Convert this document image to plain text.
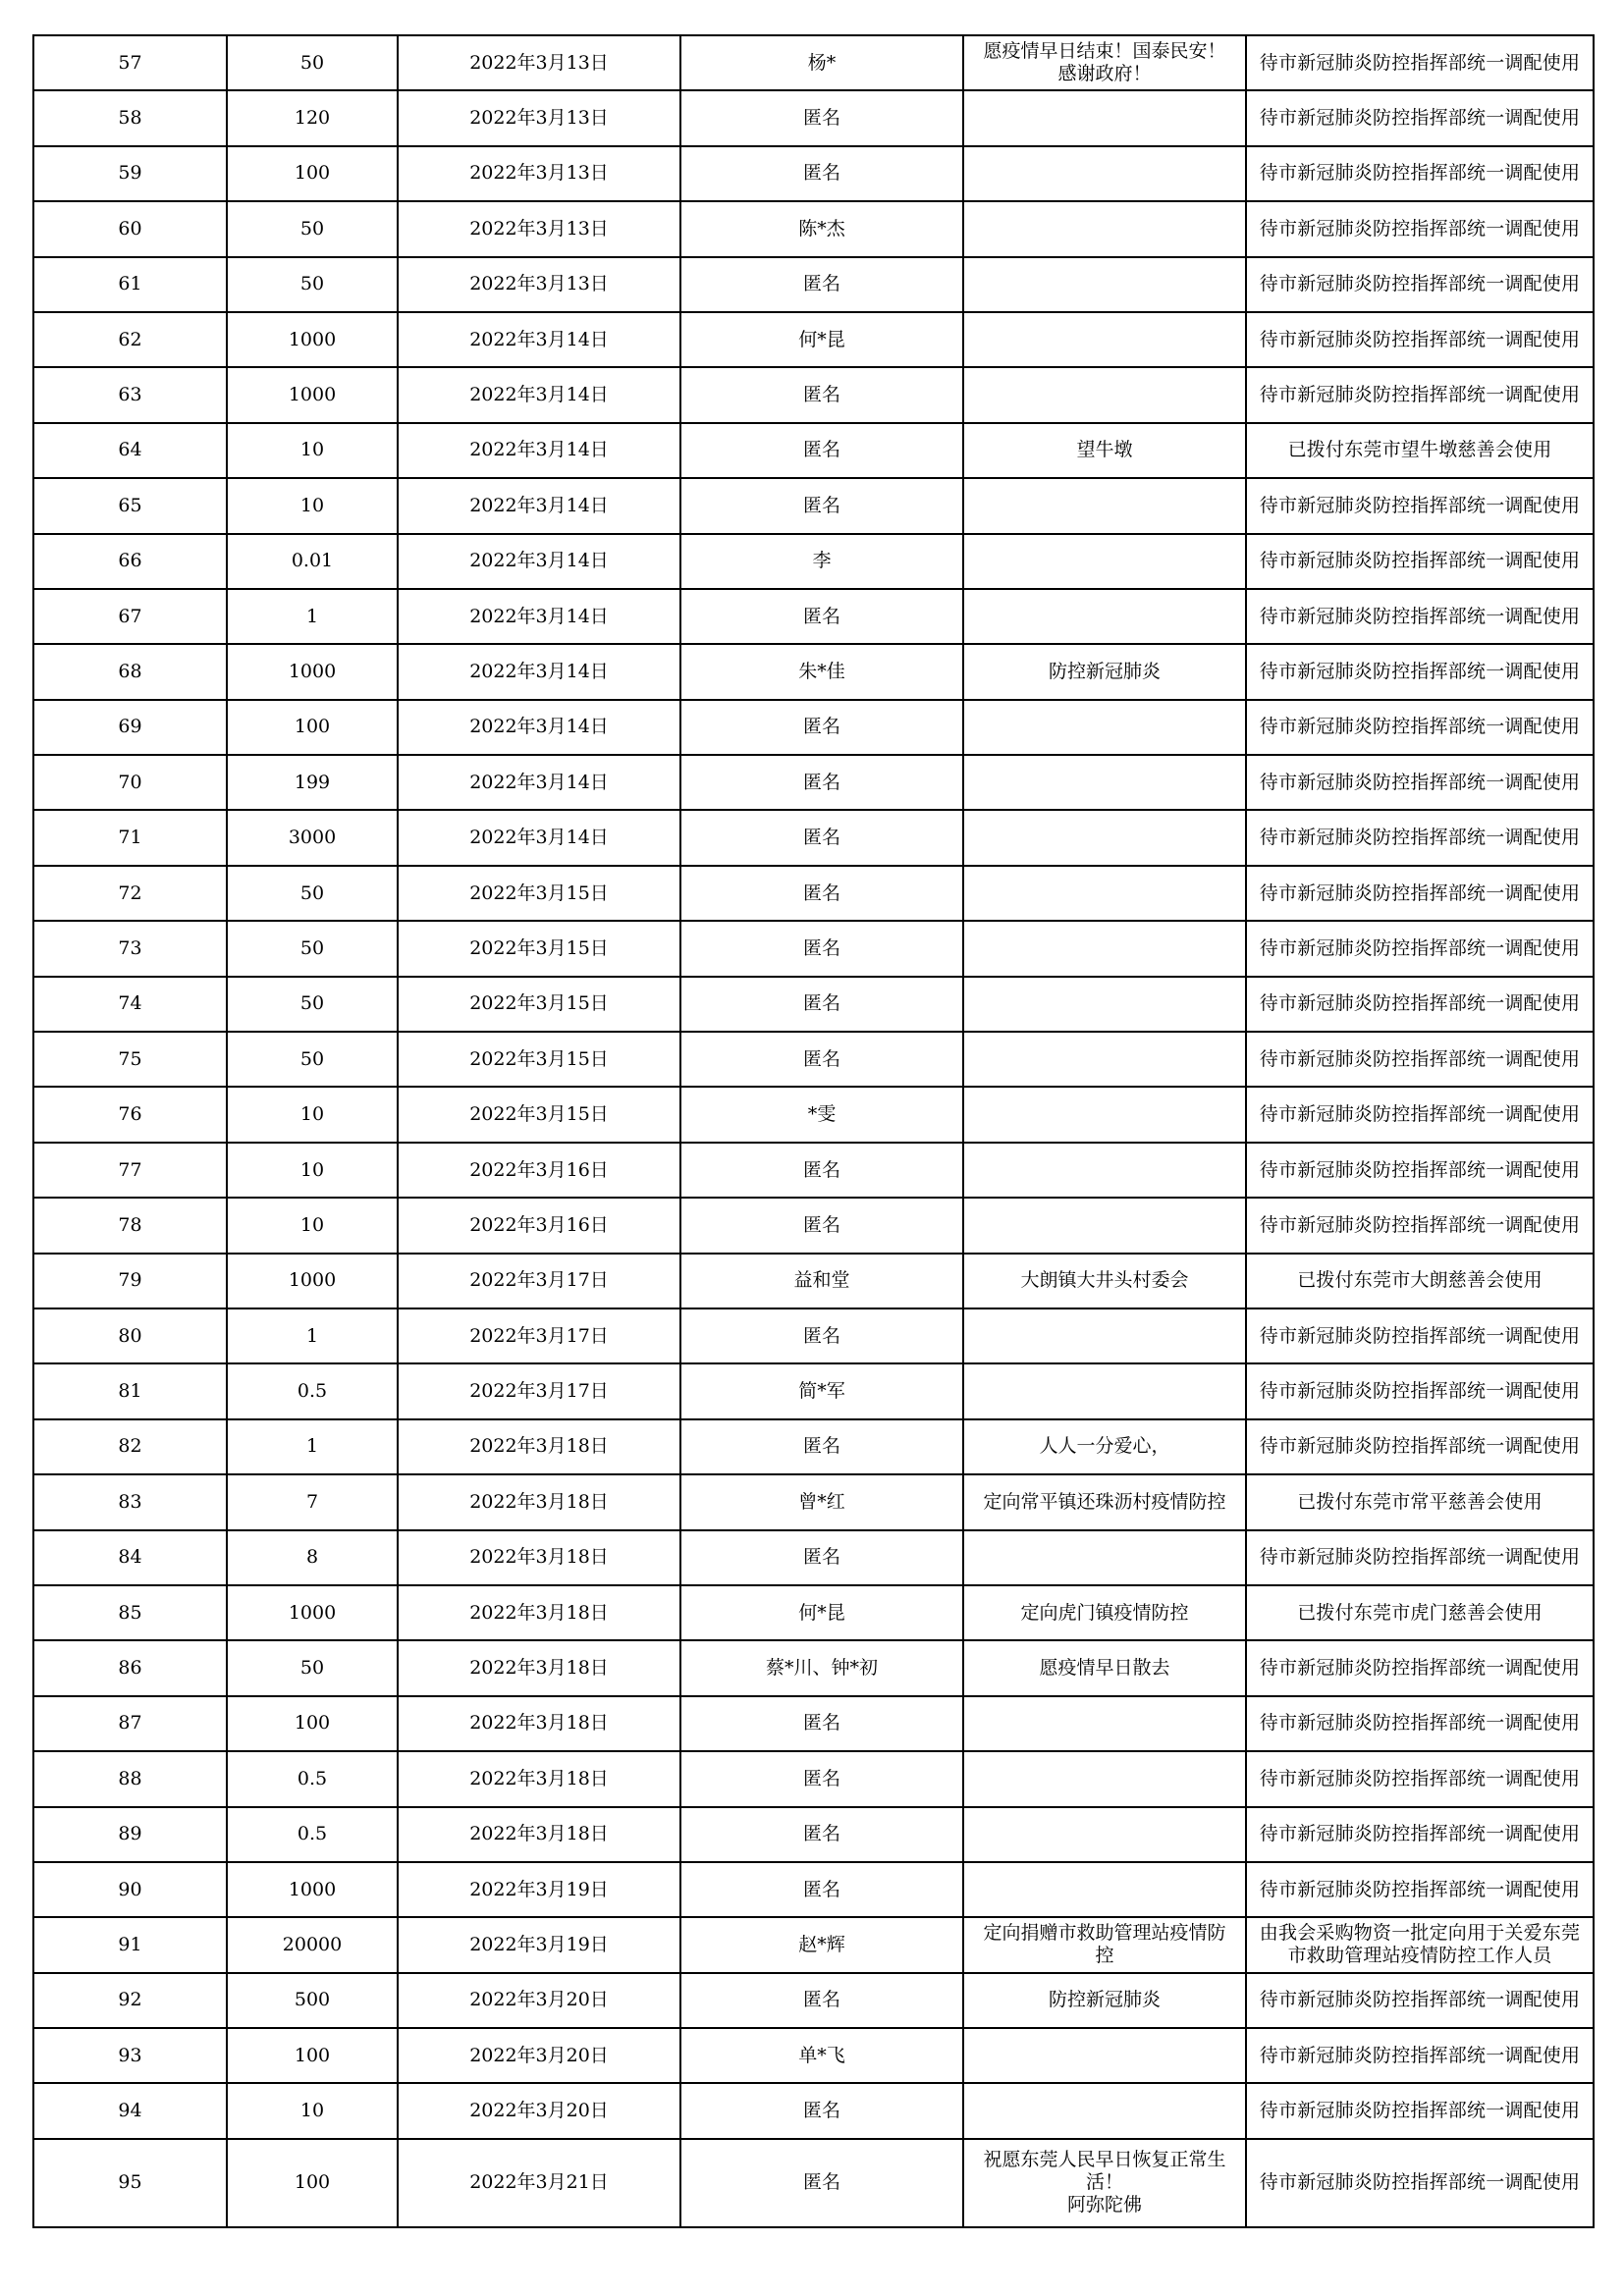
57	50	2022年3月13日	杨*	愿疫情早日结束！国泰民安！
感谢政府！	待市新冠肺炎防控指挥部统一调配使用
58	120	2022年3月13日	匿名		待市新冠肺炎防控指挥部统一调配使用
59	100	2022年3月13日	匿名		待市新冠肺炎防控指挥部统一调配使用
60	50	2022年3月13日	陈*杰		待市新冠肺炎防控指挥部统一调配使用
61	50	2022年3月13日	匿名		待市新冠肺炎防控指挥部统一调配使用
62	1000	2022年3月14日	何*昆		待市新冠肺炎防控指挥部统一调配使用
63	1000	2022年3月14日	匿名		待市新冠肺炎防控指挥部统一调配使用
64	10	2022年3月14日	匿名	望牛墩	已拨付东莞市望牛墩慈善会使用
65	10	2022年3月14日	匿名		待市新冠肺炎防控指挥部统一调配使用
66	0.01	2022年3月14日	李		待市新冠肺炎防控指挥部统一调配使用
67	1	2022年3月14日	匿名		待市新冠肺炎防控指挥部统一调配使用
68	1000	2022年3月14日	朱*佳	防控新冠肺炎	待市新冠肺炎防控指挥部统一调配使用
69	100	2022年3月14日	匿名		待市新冠肺炎防控指挥部统一调配使用
70	199	2022年3月14日	匿名		待市新冠肺炎防控指挥部统一调配使用
71	3000	2022年3月14日	匿名		待市新冠肺炎防控指挥部统一调配使用
72	50	2022年3月15日	匿名		待市新冠肺炎防控指挥部统一调配使用
73	50	2022年3月15日	匿名		待市新冠肺炎防控指挥部统一调配使用
74	50	2022年3月15日	匿名		待市新冠肺炎防控指挥部统一调配使用
75	50	2022年3月15日	匿名		待市新冠肺炎防控指挥部统一调配使用
76	10	2022年3月15日	*雯		待市新冠肺炎防控指挥部统一调配使用
77	10	2022年3月16日	匿名		待市新冠肺炎防控指挥部统一调配使用
78	10	2022年3月16日	匿名		待市新冠肺炎防控指挥部统一调配使用
79	1000	2022年3月17日	益和堂	大朗镇大井头村委会	已拨付东莞市大朗慈善会使用
80	1	2022年3月17日	匿名		待市新冠肺炎防控指挥部统一调配使用
81	0.5	2022年3月17日	简*军		待市新冠肺炎防控指挥部统一调配使用
82	1	2022年3月18日	匿名	人人一分爱心，	待市新冠肺炎防控指挥部统一调配使用
83	7	2022年3月18日	曾*红	定向常平镇还珠沥村疫情防控	已拨付东莞市常平慈善会使用
84	8	2022年3月18日	匿名		待市新冠肺炎防控指挥部统一调配使用
85	1000	2022年3月18日	何*昆	定向虎门镇疫情防控	已拨付东莞市虎门慈善会使用
86	50	2022年3月18日	蔡*川、钟*初	愿疫情早日散去	待市新冠肺炎防控指挥部统一调配使用
87	100	2022年3月18日	匿名		待市新冠肺炎防控指挥部统一调配使用
88	0.5	2022年3月18日	匿名		待市新冠肺炎防控指挥部统一调配使用
89	0.5	2022年3月18日	匿名		待市新冠肺炎防控指挥部统一调配使用
90	1000	2022年3月19日	匿名		待市新冠肺炎防控指挥部统一调配使用
91	20000	2022年3月19日	赵*辉	定向捐赠市救助管理站疫情防
控	由我会采购物资一批定向用于关爱东莞
市救助管理站疫情防控工作人员
92	500	2022年3月20日	匿名	防控新冠肺炎	待市新冠肺炎防控指挥部统一调配使用
93	100	2022年3月20日	单*飞		待市新冠肺炎防控指挥部统一调配使用
94	10	2022年3月20日	匿名		待市新冠肺炎防控指挥部统一调配使用
95	100	2022年3月21日	匿名	祝愿东莞人民早日恢复正常生
活！
阿弥陀佛	待市新冠肺炎防控指挥部统一调配使用
